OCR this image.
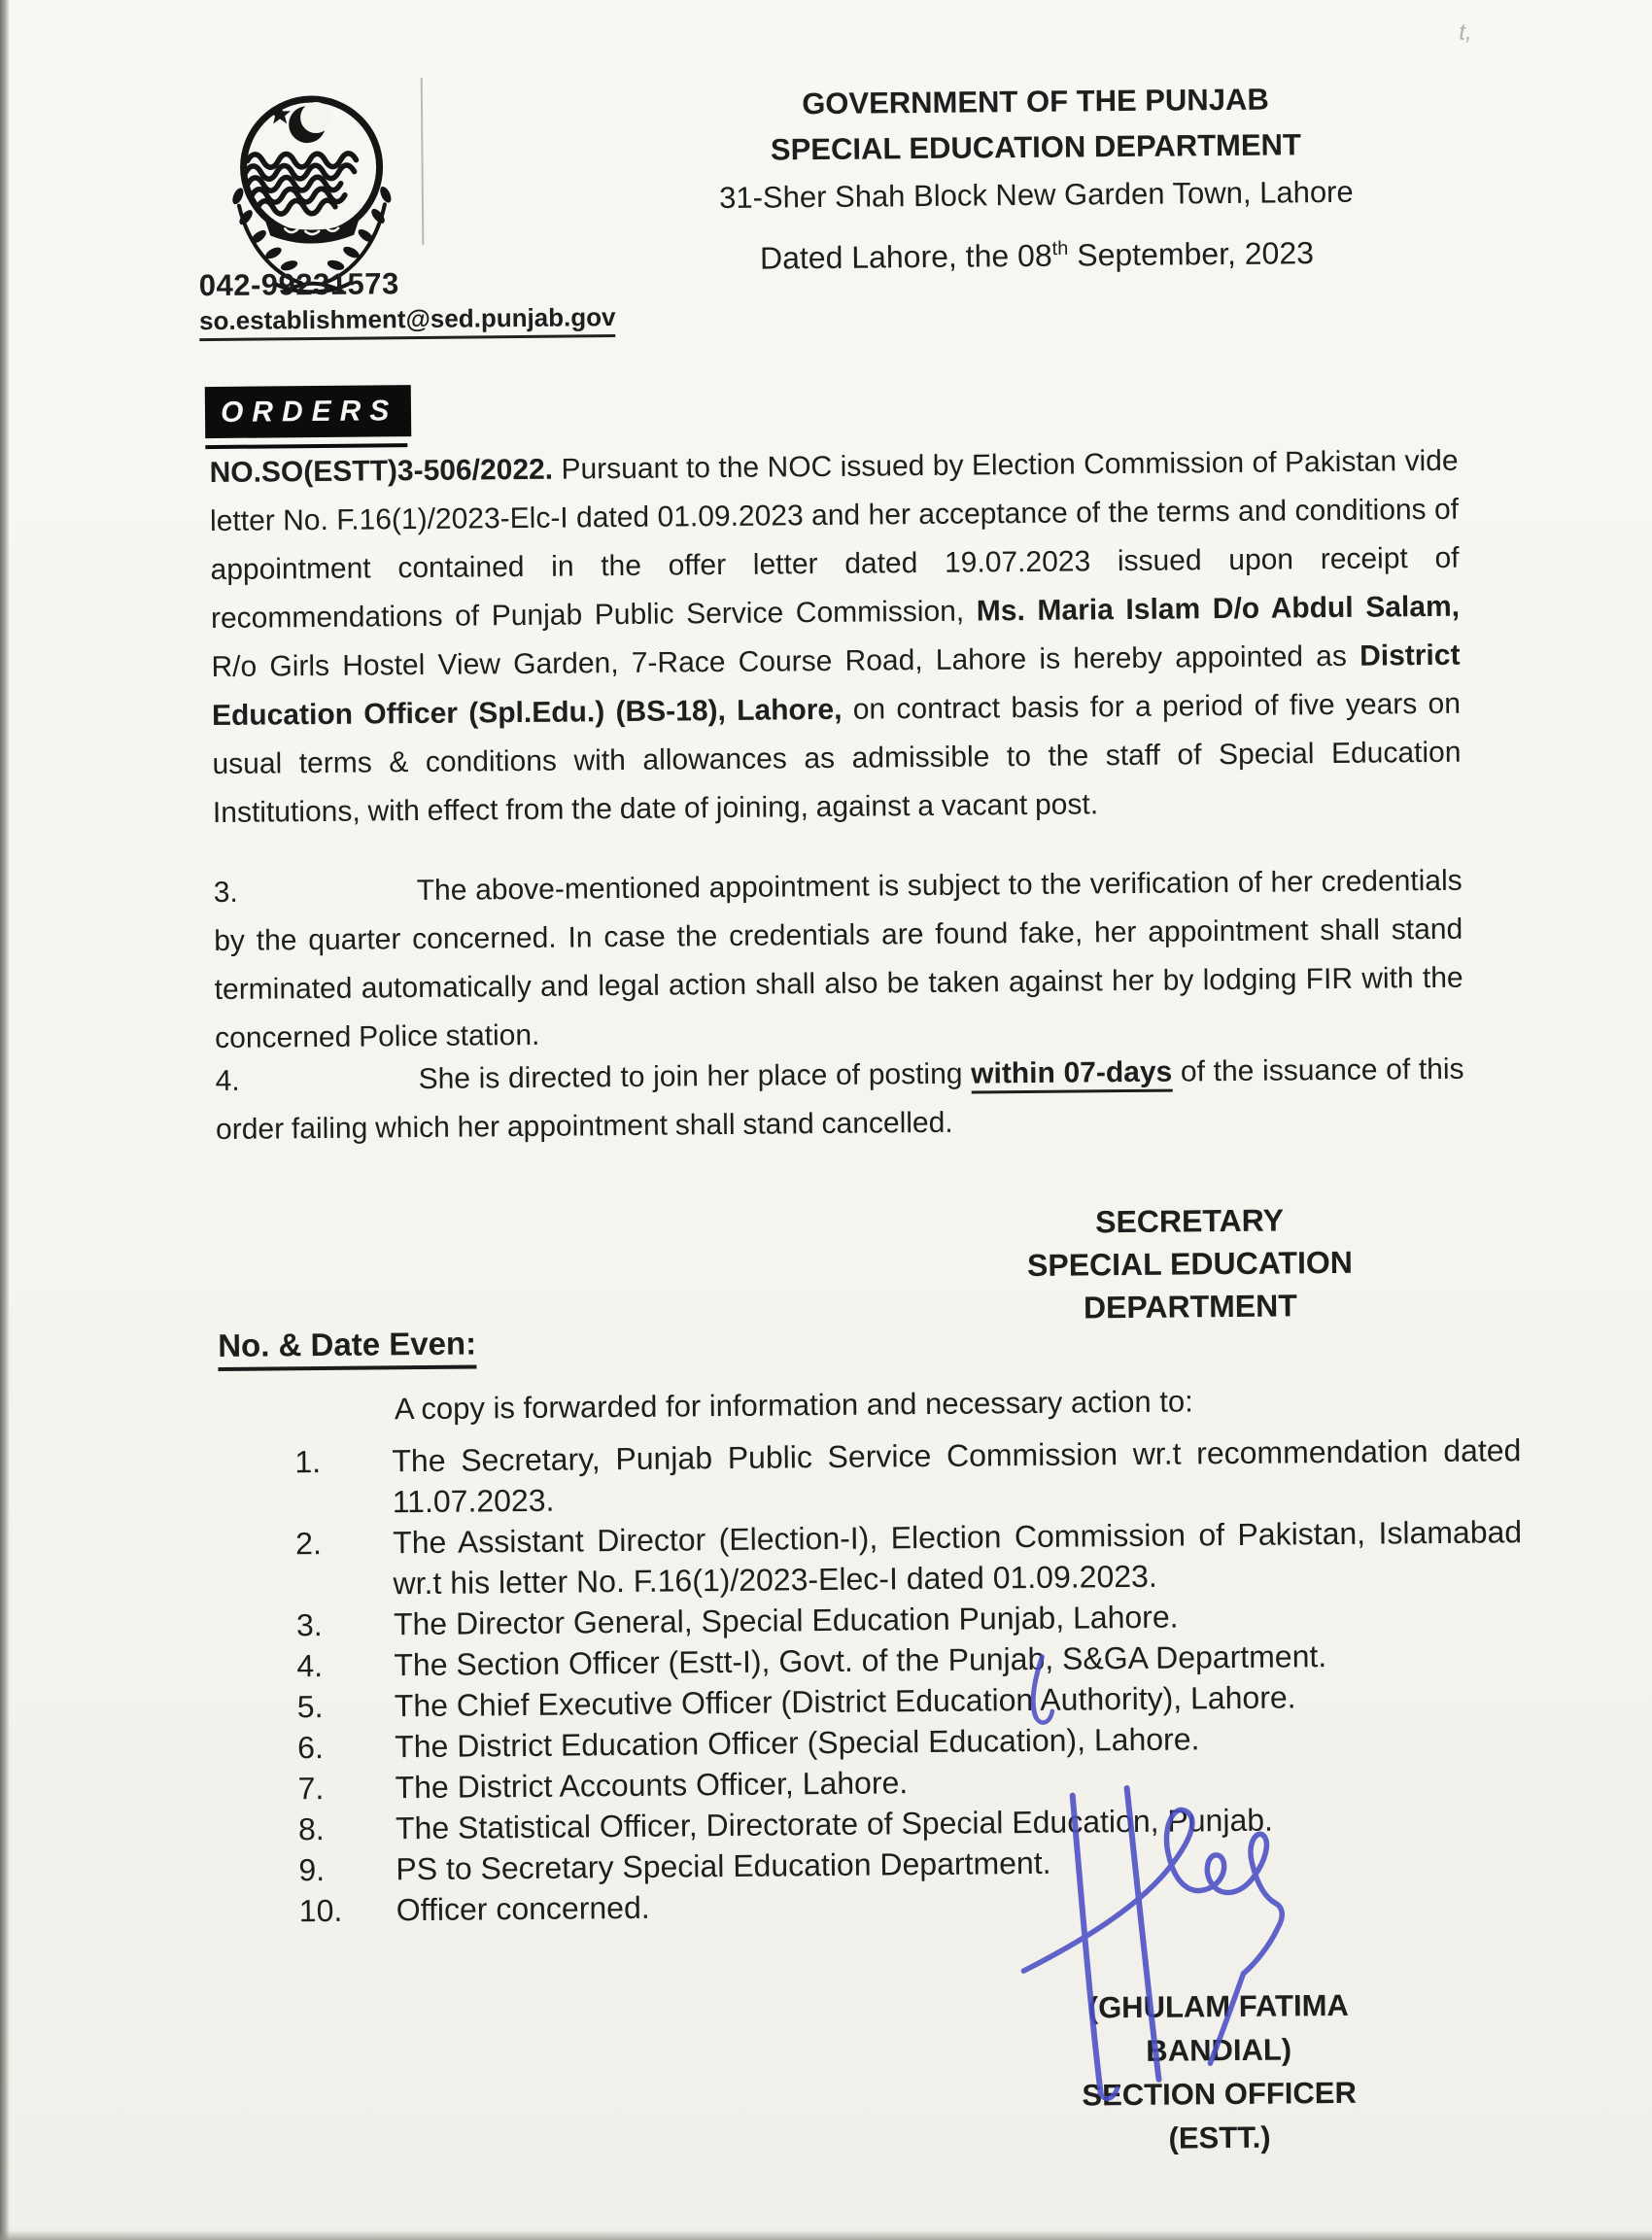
t,
042-99231573
so.establishment@sed.punjab.gov
GOVERNMENT OF THE PUNJAB
SPECIAL EDUCATION DEPARTMENT
31-Sher Shah Block New Garden Town, Lahore
Dated Lahore, the 08th September, 2023
ORDERS
NO.SO(ESTT)3-506/2022. Pursuant to the NOC issued by Election Commission of Pakistan vide letter No. F.16(1)/2023-Elc-I dated 01.09.2023 and her acceptance of the terms and conditions of appointment contained in the offer letter dated 19.07.2023 issued upon receipt of recommendations of Punjab Public Service Commission, Ms. Maria Islam D/o Abdul Salam, R/o Girls Hostel View Garden, 7-Race Course Road, Lahore is hereby appointed as District Education Officer (Spl.Edu.) (BS-18), Lahore, on contract basis for a period of five years on usual terms & conditions with allowances as admissible to the staff of Special Education Institutions, with effect from the date of joining, against a vacant post.
3.	The above-mentioned appointment is subject to the verification of her credentials by the quarter concerned. In case the credentials are found fake, her appointment shall stand terminated automatically and legal action shall also be taken against her by lodging FIR with the concerned Police station.
4.	She is directed to join her place of posting within 07-days of the issuance of this order failing which her appointment shall stand cancelled.
SECRETARY
SPECIAL EDUCATION
DEPARTMENT
No. & Date Even:
A copy is forwarded for information and necessary action to:
1. The Secretary, Punjab Public Service Commission wr.t recommendation dated 11.07.2023.
2. The Assistant Director (Election-I), Election Commission of Pakistan, Islamabad wr.t his letter No. F.16(1)/2023-Elec-I dated 01.09.2023.
3. The Director General, Special Education Punjab, Lahore.
4. The Section Officer (Estt-I), Govt. of the Punjab, S&GA Department.
5. The Chief Executive Officer (District Education Authority), Lahore.
6. The District Education Officer (Special Education), Lahore.
7. The District Accounts Officer, Lahore.
8. The Statistical Officer, Directorate of Special Education, Punjab.
9. PS to Secretary Special Education Department.
10. Officer concerned.
(GHULAM FATIMA BANDIAL)
SECTION OFFICER (ESTT.)
